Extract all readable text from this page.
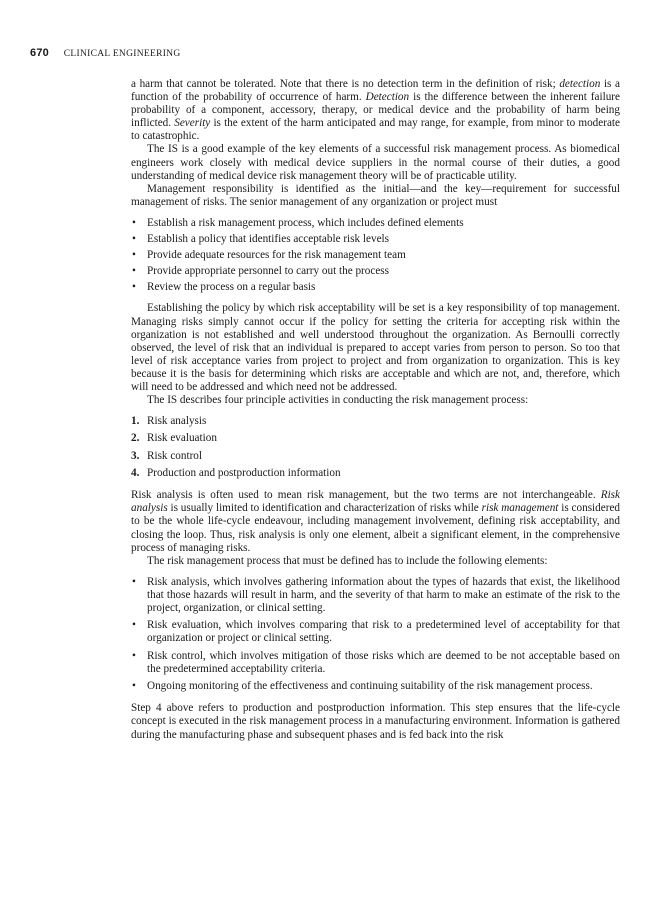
670 CLINICAL ENGINEERING

a harm that cannot be tolerated. Note that there is no detection term in the definition of risk; detection is a function of the probability of occurrence of harm. Detection is the difference between the inherent failure probability of a component, accessory, therapy, or medical device and the probability of harm being inflicted. Severity is the extent of the harm anticipated and may range, for example, from minor to moderate to catastrophic.

The IS is a good example of the key elements of a successful risk management process. As biomedical engineers work closely with medical device suppliers in the normal course of their duties, a good understanding of medical device risk management theory will be of practicable utility.

Management responsibility is identified as the initial—and the key—requirement for successful management of risks. The senior management of any organization or project must

• Establish a risk management process, which includes defined elements
• Establish a policy that identifies acceptable risk levels
• Provide adequate resources for the risk management team
• Provide appropriate personnel to carry out the process
• Review the process on a regular basis

Establishing the policy by which risk acceptability will be set is a key responsibility of top management. Managing risks simply cannot occur if the policy for setting the criteria for accepting risk within the organization is not established and well understood throughout the organization. As Bernoulli correctly observed, the level of risk that an individual is prepared to accept varies from person to person. So too that level of risk acceptance varies from project to project and from organization to organization. This is key because it is the basis for determining which risks are acceptable and which are not, and, therefore, which will need to be addressed and which need not be addressed.

The IS describes four principle activities in conducting the risk management process:

1. Risk analysis
2. Risk evaluation
3. Risk control
4. Production and postproduction information

Risk analysis is often used to mean risk management, but the two terms are not interchangeable. Risk analysis is usually limited to identification and characterization of risks while risk management is considered to be the whole life-cycle endeavour, including management involvement, defining risk acceptability, and closing the loop. Thus, risk analysis is only one element, albeit a significant element, in the comprehensive process of managing risks.

The risk management process that must be defined has to include the following elements:

• Risk analysis, which involves gathering information about the types of hazards that exist, the likelihood that those hazards will result in harm, and the severity of that harm to make an estimate of the risk to the project, organization, or clinical setting.
• Risk evaluation, which involves comparing that risk to a predetermined level of acceptability for that organization or project or clinical setting.
• Risk control, which involves mitigation of those risks which are deemed to be not acceptable based on the predetermined acceptability criteria.
• Ongoing monitoring of the effectiveness and continuing suitability of the risk management process.

Step 4 above refers to production and postproduction information. This step ensures that the life-cycle concept is executed in the risk management process in a manufacturing environment. Information is gathered during the manufacturing phase and subsequent phases and is fed back into the risk
